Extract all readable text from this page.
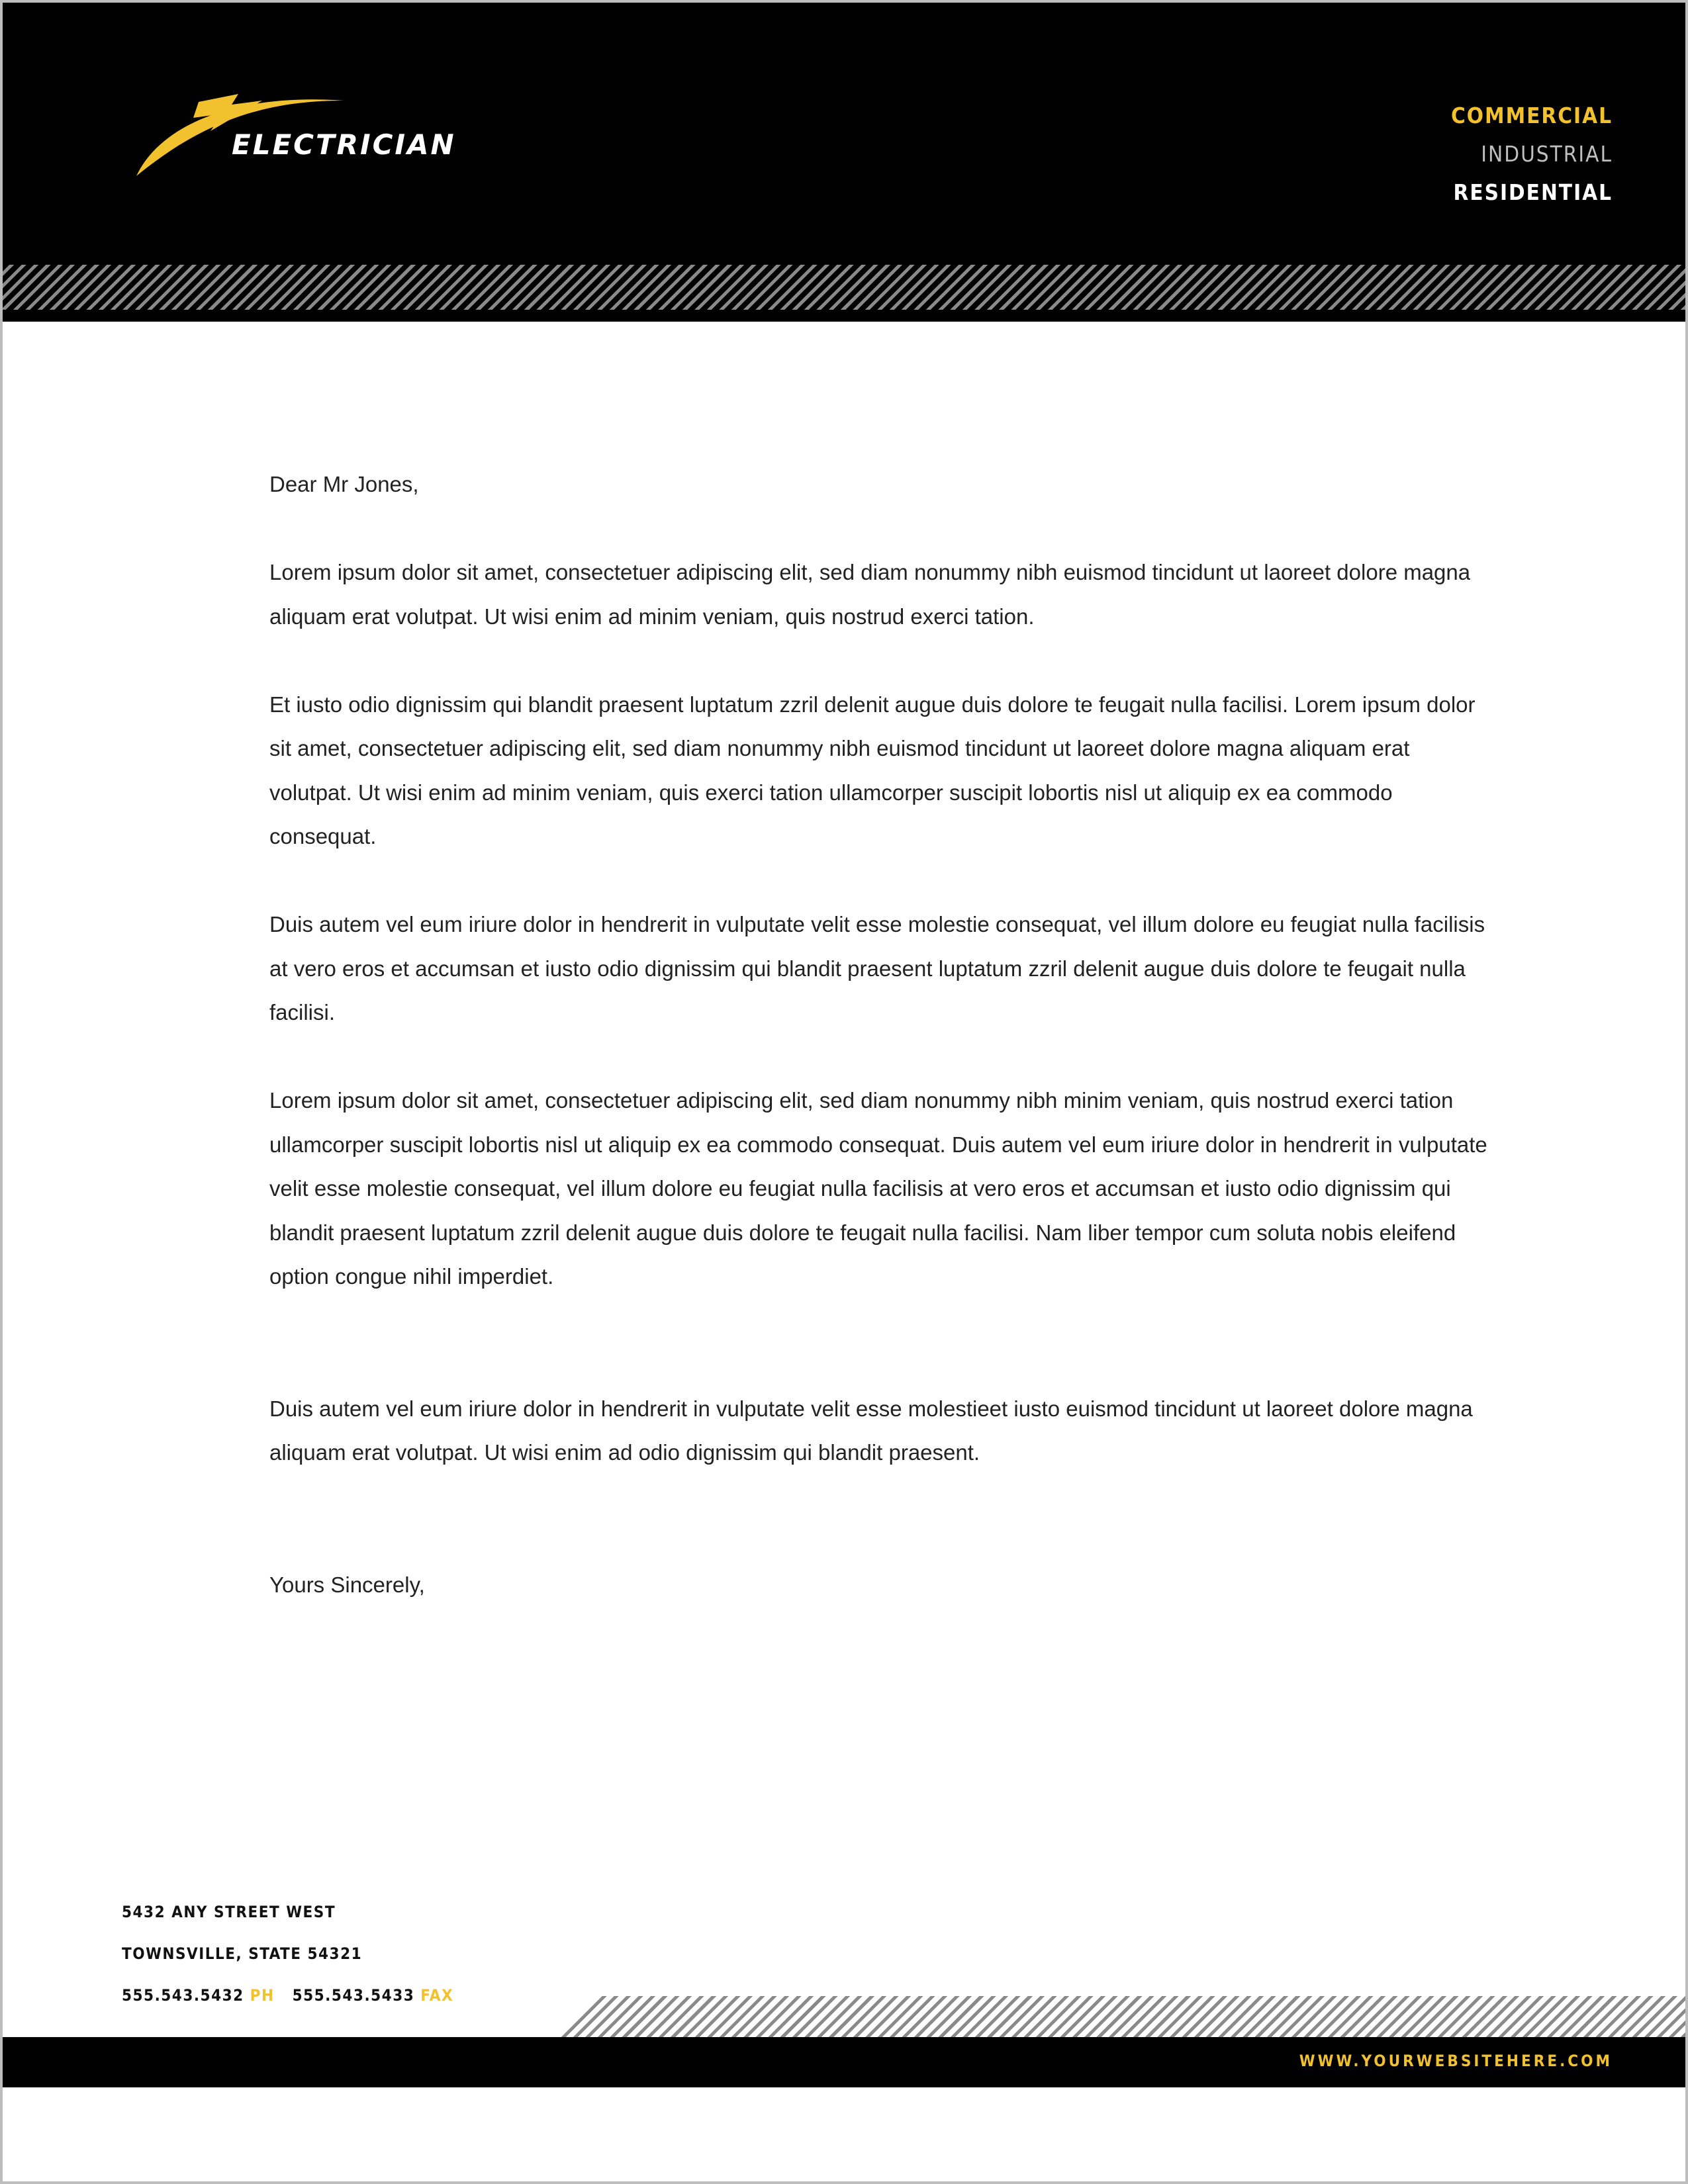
ELECTRICIAN
COMMERCIAL
INDUSTRIAL
RESIDENTIAL

Dear Mr Jones,

Lorem ipsum dolor sit amet, consectetuer adipiscing elit, sed diam nonummy nibh euismod tincidunt ut laoreet dolore magna aliquam erat volutpat. Ut wisi enim ad minim veniam, quis nostrud exerci tation.

Et iusto odio dignissim qui blandit praesent luptatum zzril delenit augue duis dolore te feugait nulla facilisi. Lorem ipsum dolor sit amet, consectetuer adipiscing elit, sed diam nonummy nibh euismod tincidunt ut laoreet dolore magna aliquam erat volutpat. Ut wisi enim ad minim veniam, quis exerci tation ullamcorper suscipit lobortis nisl ut aliquip ex ea commodo consequat.

Duis autem vel eum iriure dolor in hendrerit in vulputate velit esse molestie consequat, vel illum dolore eu feugiat nulla facilisis at vero eros et accumsan et iusto odio dignissim qui blandit praesent luptatum zzril delenit augue duis dolore te feugait nulla facilisi.

Lorem ipsum dolor sit amet, consectetuer adipiscing elit, sed diam nonummy nibh minim veniam, quis nostrud exerci tation ullamcorper suscipit lobortis nisl ut aliquip ex ea commodo consequat. Duis autem vel eum iriure dolor in hendrerit in vulputate velit esse molestie consequat, vel illum dolore eu feugiat nulla facilisis at vero eros et accumsan et iusto odio dignissim qui blandit praesent luptatum zzril delenit augue duis dolore te feugait nulla facilisi. Nam liber tempor cum soluta nobis eleifend option congue nihil imperdiet.

Duis autem vel eum iriure dolor in hendrerit in vulputate velit esse molestieet iusto euismod tincidunt ut laoreet dolore magna aliquam erat volutpat. Ut wisi enim ad odio dignissim qui blandit praesent.

Yours Sincerely,

5432 ANY STREET WEST
TOWNSVILLE, STATE 54321
555.543.5432 PH 555.543.5433 FAX
WWW.YOURWEBSITEHERE.COM
